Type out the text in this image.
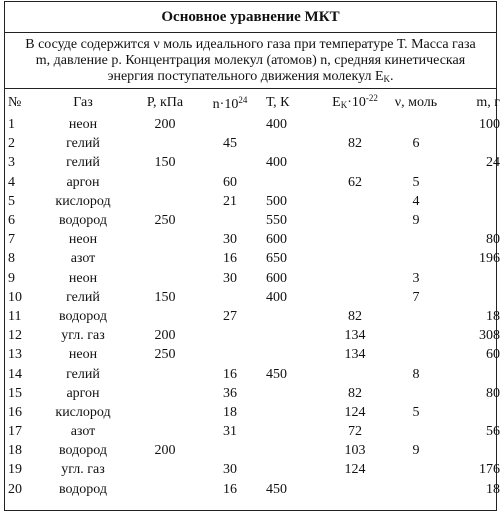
Основное уравнение МКТ
В сосуде содержится ν моль идеального газа при температуре Т. Масса газа
m, давление р. Концентрация молекул (атомов) n, средняя кинетическая
энергия поступательного движения молекул EK.
№	Газ	Р, кПа	$n\cdot 10^{24}$	Т, К	$EK\cdot 10^{-22}$	ν, моль	m, г
1	неон	200		400			100
2	гелий		45		82	6	
3	гелий	150		400			24
4	аргон		60		62	5	
5	кислород		21	500		4	
6	водород	250		550		9	
7	неон		30	600			80
8	азот		16	650			196
9	неон		30	600		3	
10	гелий	150		400		7	
11	водород		27		82		18
12	угл. газ	200			134		308
13	неон	250			134		60
14	гелий		16	450		8	
15	аргон		36		82		80
16	кислород		18		124	5	
17	азот		31		72		56
18	водород	200			103	9	
19	угл. газ		30		124		176
20	водород		16	450			18
